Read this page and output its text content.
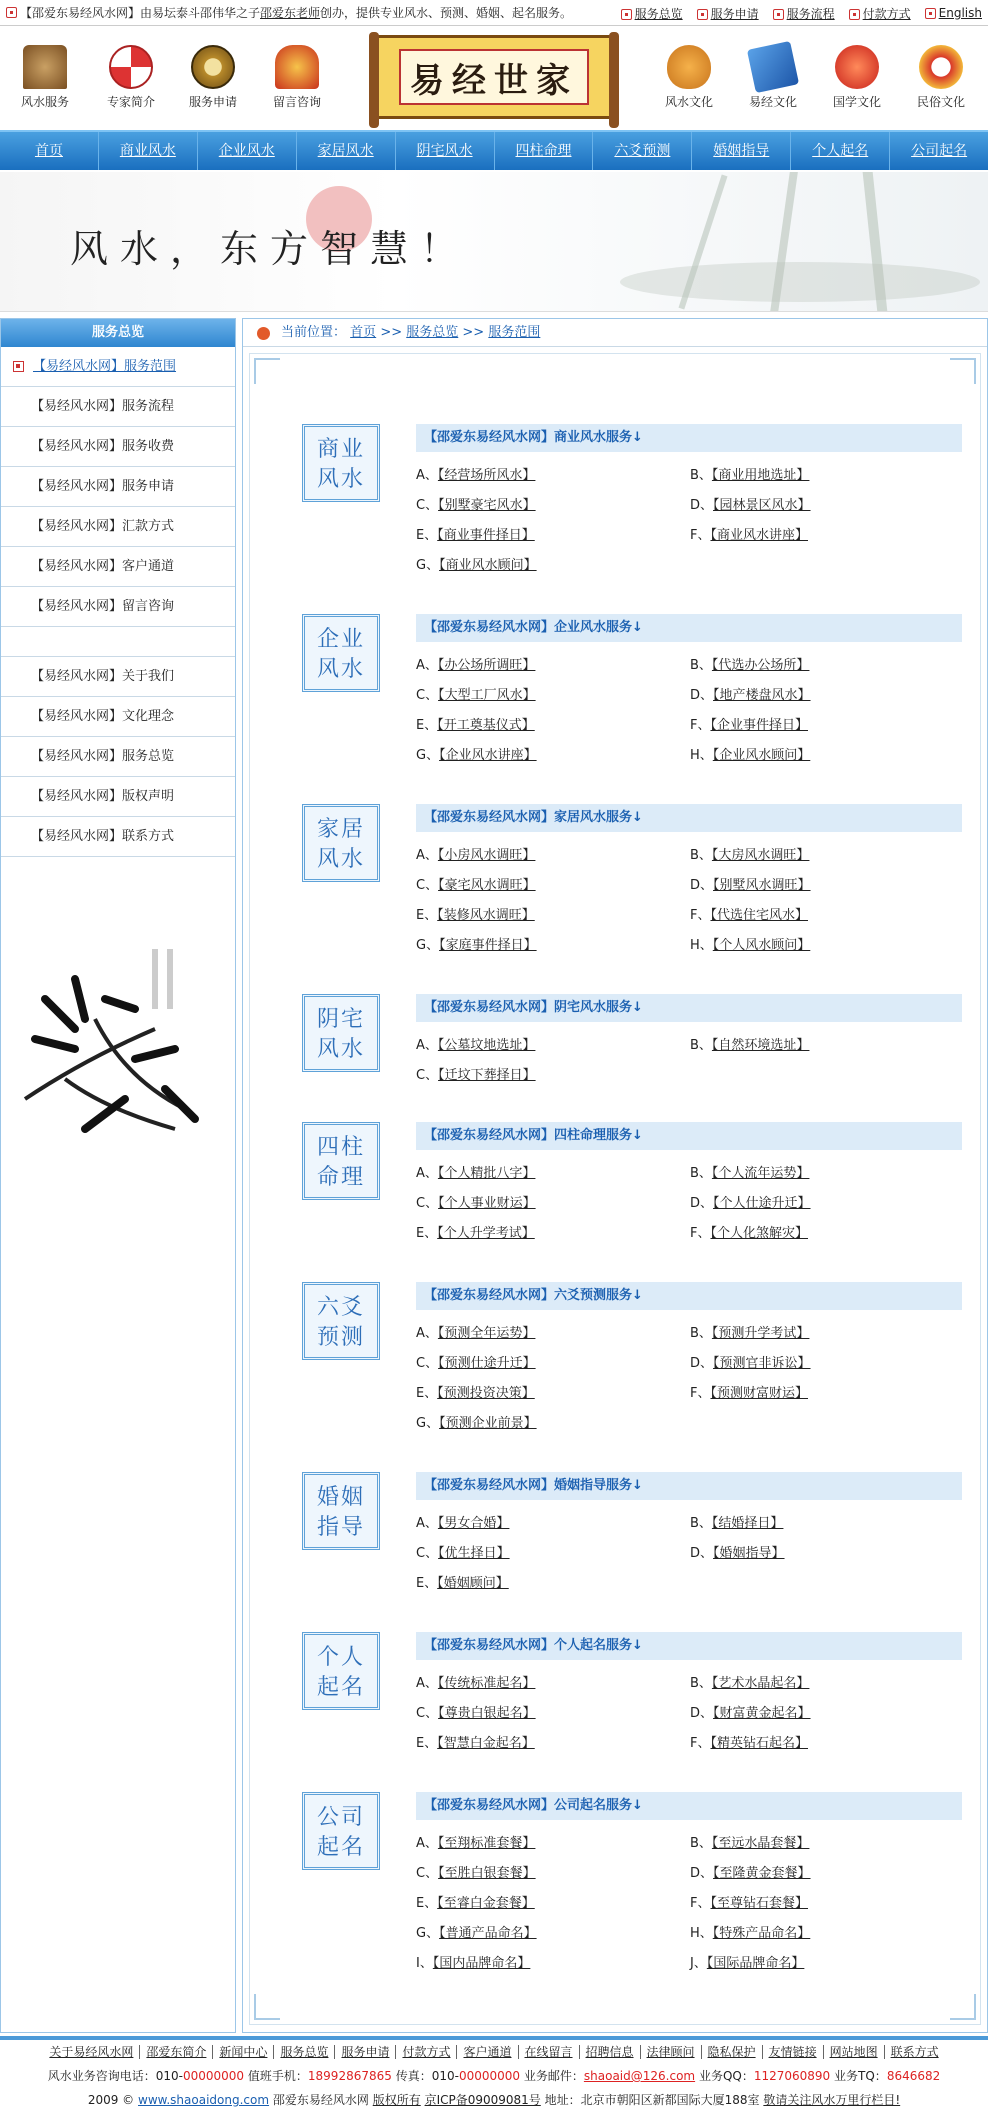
【邵爱东易经风水网】由易坛泰斗邵伟华之子邵爱东老师创办，提供专业风水、预测、婚姻、起名服务。	服务总览	服务申请	服务流程	付款方式	English
风水服务	专家简介	服务申请	留言咨询
易经世家
风水文化	易经文化	国学文化	民俗文化
首页	商业风水	企业风水	家居风水	阴宅风水	四柱命理	六爻预测	婚姻指导	个人起名	公司起名
风水，东方智慧！
服务总览
【易经风水网】服务范围
【易经风水网】服务流程
【易经风水网】服务收费
【易经风水网】服务申请
【易经风水网】汇款方式
【易经风水网】客户通道
【易经风水网】留言咨询
【易经风水网】关于我们
【易经风水网】文化理念
【易经风水网】服务总览
【易经风水网】版权声明
【易经风水网】联系方式
当前位置： 首页 >> 服务总览 >> 服务范围
商业
风水
【邵爱东易经风水网】商业风水服务↓
A、【经营场所风水】	B、【商业用地选址】
C、【别墅豪宅风水】	D、【园林景区风水】
E、【商业事件择日】	F、【商业风水讲座】
G、【商业风水顾问】
企业
风水
【邵爱东易经风水网】企业风水服务↓
A、【办公场所调旺】	B、【代选办公场所】
C、【大型工厂风水】	D、【地产楼盘风水】
E、【开工奠基仪式】	F、【企业事件择日】
G、【企业风水讲座】	H、【企业风水顾问】
家居
风水
【邵爱东易经风水网】家居风水服务↓
A、【小房风水调旺】	B、【大房风水调旺】
C、【豪宅风水调旺】	D、【别墅风水调旺】
E、【装修风水调旺】	F、【代选住宅风水】
G、【家庭事件择日】	H、【个人风水顾问】
阴宅
风水
【邵爱东易经风水网】阴宅风水服务↓
A、【公墓坟地选址】	B、【自然环境选址】
C、【迁坟下葬择日】
四柱
命理
【邵爱东易经风水网】四柱命理服务↓
A、【个人精批八字】	B、【个人流年运势】
C、【个人事业财运】	D、【个人仕途升迁】
E、【个人升学考试】	F、【个人化煞解灾】
六爻
预测
【邵爱东易经风水网】六爻预测服务↓
A、【预测全年运势】	B、【预测升学考试】
C、【预测仕途升迁】	D、【预测官非诉讼】
E、【预测投资决策】	F、【预测财富财运】
G、【预测企业前景】
婚姻
指导
【邵爱东易经风水网】婚姻指导服务↓
A、【男女合婚】	B、【结婚择日】
C、【优生择日】	D、【婚姻指导】
E、【婚姻顾问】
个人
起名
【邵爱东易经风水网】个人起名服务↓
A、【传统标准起名】	B、【艺术水晶起名】
C、【尊贵白银起名】	D、【财富黄金起名】
E、【智慧白金起名】	F、【精英钻石起名】
公司
起名
【邵爱东易经风水网】公司起名服务↓
A、【至翔标准套餐】	B、【至远水晶套餐】
C、【至胜白银套餐】	D、【至隆黄金套餐】
E、【至睿白金套餐】	F、【至尊钻石套餐】
G、【普通产品命名】	H、【特殊产品命名】
I、【国内品牌命名】	J、【国际品牌命名】
关于易经风水网 邵爱东简介 新闻中心 服务总览 服务申请 付款方式 客户通道 在线留言 招聘信息 法律顾问 隐私保护 友情链接 网站地图 联系方式
风水业务咨询电话：010-00000000 值班手机：18992867865 传真：010-00000000 业务邮件：shaoaid@126.com 业务QQ：1127060890 业务TQ：8646682
2009 © www.shaoaidong.com 邵爱东易经风水网 版权所有 京ICP备09009081号 地址：北京市朝阳区新都国际大厦188室 敬请关注风水万里行栏目!
